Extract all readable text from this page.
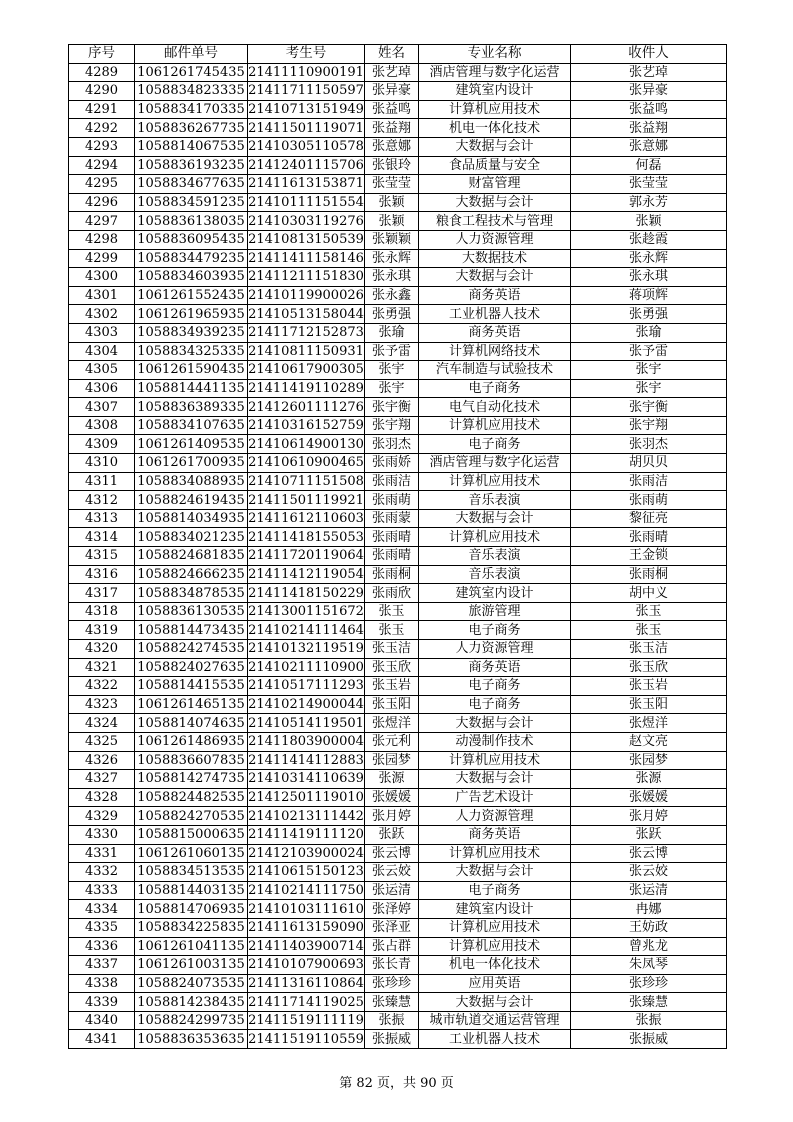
序号	邮件单号	考生号	姓名	专业名称	收件人
4289	1061261745435	21411110900191	张艺琸	酒店管理与数字化运营	张艺琸
4290	1058834823335	21411711150597	张异豪	建筑室内设计	张异豪
4291	1058834170335	21410713151949	张益鸣	计算机应用技术	张益鸣
4292	1058836267735	21411501119071	张益翔	机电一体化技术	张益翔
4293	1058814067535	21410305110578	张意娜	大数据与会计	张意娜
4294	1058836193235	21412401115706	张银玲	食品质量与安全	何磊
4295	1058834677635	21411613153871	张莹莹	财富管理	张莹莹
4296	1058834591235	21410111151554	张颖	大数据与会计	郭永芳
4297	1058836138035	21410303119276	张颖	粮食工程技术与管理	张颖
4298	1058836095435	21410813150539	张颖颖	人力资源管理	张趁霞
4299	1058834479235	21411411158146	张永辉	大数据技术	张永辉
4300	1058834603935	21411211151830	张永琪	大数据与会计	张永琪
4301	1061261552435	21410119900026	张永鑫	商务英语	蒋项辉
4302	1061261965935	21410513158044	张勇强	工业机器人技术	张勇强
4303	1058834939235	21411712152873	张瑜	商务英语	张瑜
4304	1058834325335	21410811150931	张予雷	计算机网络技术	张予雷
4305	1061261590435	21410617900305	张宇	汽车制造与试验技术	张宇
4306	1058814441135	21411419110289	张宇	电子商务	张宇
4307	1058836389335	21412601111276	张宇衡	电气自动化技术	张宇衡
4308	1058834107635	21410316152759	张宇翔	计算机应用技术	张宇翔
4309	1061261409535	21410614900130	张羽杰	电子商务	张羽杰
4310	1061261700935	21410610900465	张雨娇	酒店管理与数字化运营	胡贝贝
4311	1058834088935	21410711151508	张雨洁	计算机应用技术	张雨洁
4312	1058824619435	21411501119921	张雨萌	音乐表演	张雨萌
4313	1058814034935	21411612110603	张雨蒙	大数据与会计	黎征亮
4314	1058834021235	21411418155053	张雨晴	计算机应用技术	张雨晴
4315	1058824681835	21411720119064	张雨晴	音乐表演	王金锁
4316	1058824666235	21411412119054	张雨桐	音乐表演	张雨桐
4317	1058834878535	21411418150229	张雨欣	建筑室内设计	胡中义
4318	1058836130535	21413001151672	张玉	旅游管理	张玉
4319	1058814473435	21410214111464	张玉	电子商务	张玉
4320	1058824274535	21410132119519	张玉洁	人力资源管理	张玉洁
4321	1058824027635	21410211110900	张玉欣	商务英语	张玉欣
4322	1058814415535	21410517111293	张玉岩	电子商务	张玉岩
4323	1061261465135	21410214900044	张玉阳	电子商务	张玉阳
4324	1058814074635	21410514119501	张煜洋	大数据与会计	张煜洋
4325	1061261486935	21411803900004	张元利	动漫制作技术	赵文亮
4326	1058836607835	21411414112883	张园梦	计算机应用技术	张园梦
4327	1058814274735	21410314110639	张源	大数据与会计	张源
4328	1058824482535	21412501119010	张媛媛	广告艺术设计	张媛媛
4329	1058824270535	21410213111442	张月婷	人力资源管理	张月婷
4330	1058815000635	21411419111120	张跃	商务英语	张跃
4331	1061261060135	21412103900024	张云博	计算机应用技术	张云博
4332	1058834513535	21410615150123	张云姣	大数据与会计	张云姣
4333	1058814403135	21410214111750	张运清	电子商务	张运清
4334	1058814706935	21410103111610	张泽婷	建筑室内设计	冉娜
4335	1058834225835	21411613159090	张泽亚	计算机应用技术	王妨政
4336	1061261041135	21411403900714	张占群	计算机应用技术	曾兆龙
4337	1061261003135	21410107900693	张长青	机电一体化技术	朱凤琴
4338	1058824073535	21411316110864	张珍珍	应用英语	张珍珍
4339	1058814238435	21411714119025	张臻慧	大数据与会计	张臻慧
4340	1058824299735	21411519111119	张振	城市轨道交通运营管理	张振
4341	1058836353635	21411519110559	张振威	工业机器人技术	张振威
第 82 页，共 90 页
